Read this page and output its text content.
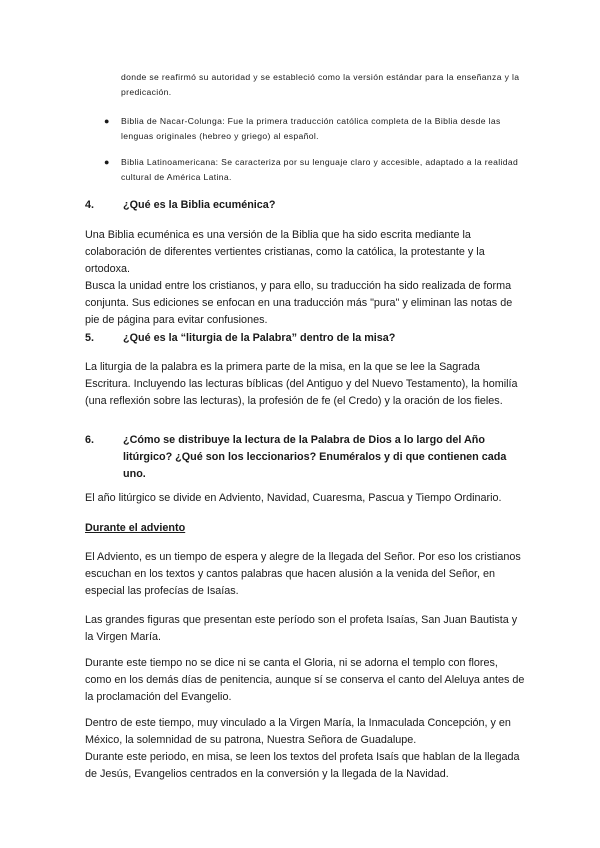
donde se reafirmó su autoridad y se estableció como la versión estándar para la enseñanza y la predicación.

● Biblia de Nacar-Colunga: Fue la primera traducción católica completa de la Biblia desde las lenguas originales (hebreo y griego) al español.
● Biblia Latinoamericana: Se caracteriza por su lenguaje claro y accesible, adaptado a la realidad cultural de América Latina.
4.	¿Qué es la Biblia ecuménica?

Una Biblia ecuménica es una versión de la Biblia que ha sido escrita mediante la colaboración de diferentes vertientes cristianas, como la católica, la protestante y la ortodoxa.

Busca la unidad entre los cristianos, y para ello, su traducción ha sido realizada de forma conjunta. Sus ediciones se enfocan en una traducción más "pura" y eliminan las notas de pie de página para evitar confusiones.

5.	¿Qué es la “liturgia de la Palabra” dentro de la misa?

La liturgia de la palabra es la primera parte de la misa, en la que se lee la Sagrada Escritura. Incluyendo las lecturas bíblicas (del Antiguo y del Nuevo Testamento), la homilía (una reflexión sobre las lecturas), la profesión de fe (el Credo) y la oración de los fieles.

6.	¿Cómo se distribuye la lectura de la Palabra de Dios a lo largo del Año litúrgico? ¿Qué son los leccionarios? Enuméralos y di que contienen cada uno.

El año litúrgico se divide en Adviento, Navidad, Cuaresma, Pascua y Tiempo Ordinario.

Durante el adviento

El Adviento, es un tiempo de espera y alegre de la llegada del Señor. Por eso los cristianos escuchan en los textos y cantos palabras que hacen alusión a la venida del Señor, en especial las profecías de Isaías.

Las grandes figuras que presentan este período son el profeta Isaías, San Juan Bautista y la Virgen María.

Durante este tiempo no se dice ni se canta el Gloria, ni se adorna el templo con flores, como en los demás días de penitencia, aunque sí se conserva el canto del Aleluya antes de la proclamación del Evangelio.

Dentro de este tiempo, muy vinculado a la Virgen María, la Inmaculada Concepción, y en México, la solemnidad de su patrona, Nuestra Señora de Guadalupe.

Durante este periodo, en misa, se leen los textos del profeta Isaís que hablan de la llegada de Jesús, Evangelios centrados en la conversión y la llegada de la Navidad.
